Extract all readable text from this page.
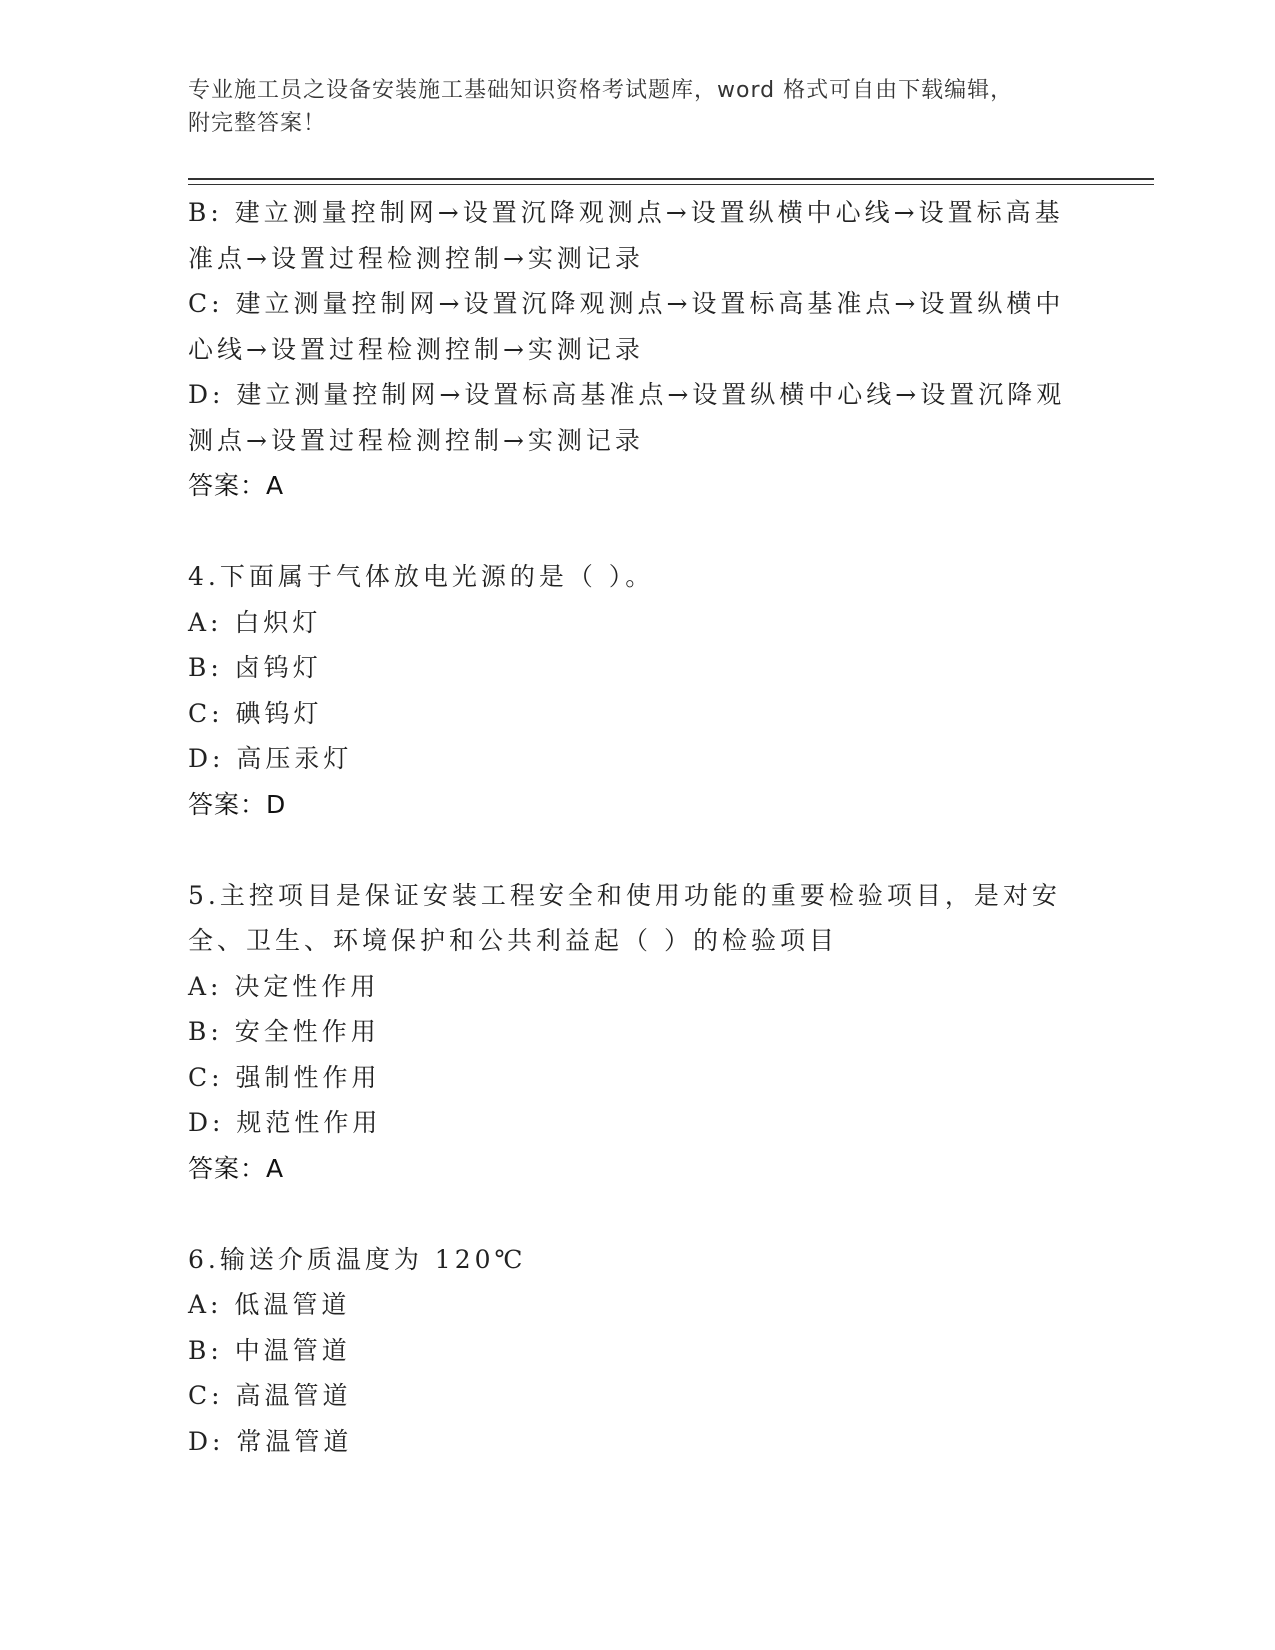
专业施工员之设备安装施工基础知识资格考试题库，word 格式可自由下载编辑，
附完整答案！
B: 建立测量控制网→设置沉降观测点→设置纵横中心线→设置标高基
准点→设置过程检测控制→实测记录
C: 建立测量控制网→设置沉降观测点→设置标高基准点→设置纵横中
心线→设置过程检测控制→实测记录
D: 建立测量控制网→设置标高基准点→设置纵横中心线→设置沉降观
测点→设置过程检测控制→实测记录
答案：A
4.下面属于气体放电光源的是（ ）。
A: 白炽灯
B: 卤钨灯
C: 碘钨灯
D: 高压汞灯
答案：D
5.主控项目是保证安装工程安全和使用功能的重要检验项目，是对安
全、卫生、环境保护和公共利益起（ ）的检验项目
A: 决定性作用
B: 安全性作用
C: 强制性作用
D: 规范性作用
答案：A
6.输送介质温度为 120℃
A: 低温管道
B: 中温管道
C: 高温管道
D: 常温管道
